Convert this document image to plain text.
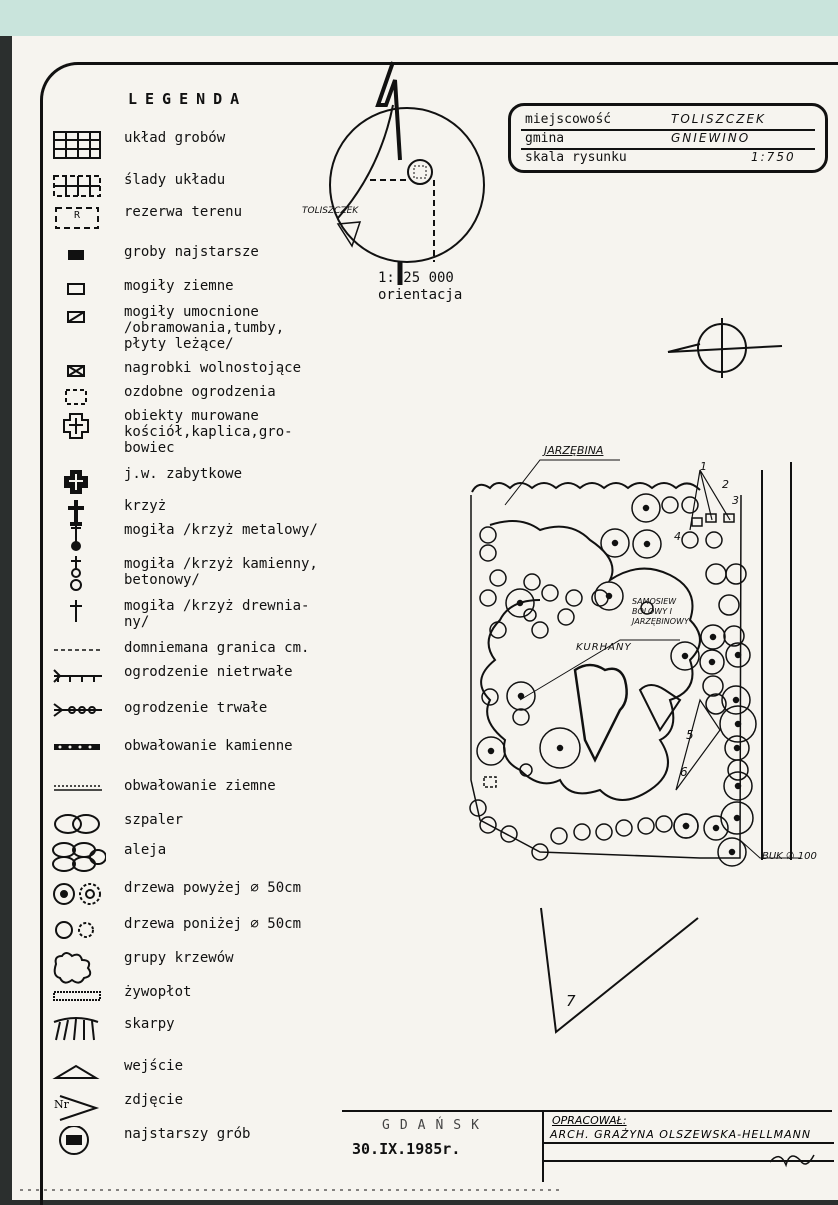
LEGENDA
układ grobów
ślady układu
R	rezerwa terenu
groby najstarsze
mogiły ziemne
mogiły umocnione
/obramowania,tumby,
płyty leżące/
nagrobki wolnostojące
ozdobne ogrodzenia
obiekty murowane
kościół,kaplica,gro-
bowiec
j.w. zabytkowe
krzyż
mogiła /krzyż metalowy/
mogiła /krzyż kamienny,
betonowy/
mogiła /krzyż drewnia-
ny/
domniemana granica cm.
ogrodzenie nietrwałe
ogrodzenie trwałe
obwałowanie kamienne
obwałowanie ziemne
szpaler
aleja
drzewa powyżej ∅ 50cm
drzewa poniżej ∅ 50cm
grupy krzewów
żywopłot
skarpy
wejście
Nr	zdjęcie
najstarszy grób
miejscowość	TOLISZCZEK
gmina	GNIEWINO
skala rysunku	1:750
1: 25 000
orientacja
TOLISZCZEK
JARZĘBINA
SAMOSIEW
BOLOWY I
JARZĘBINOWY
KURHANY
BUK ∅ 100
1
2
3
4
5
6
7
GDAŃSK
30.IX.1985r.
OPRACOWAŁ:
ARCH. GRAŻYNA OLSZEWSKA-HELLMANN
